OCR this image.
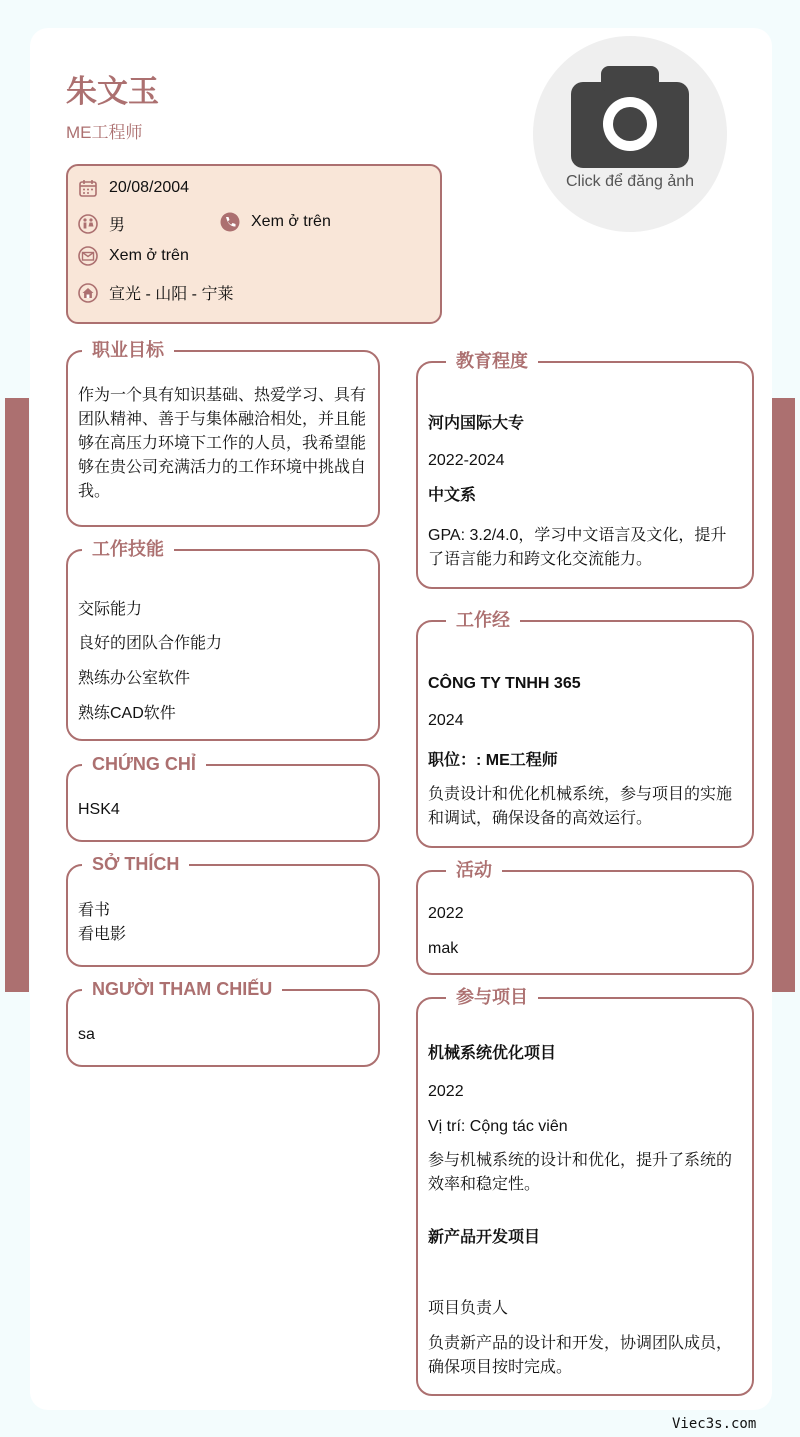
朱文玉
ME工程师
Click để đăng ảnh
20/08/2004
男	Xem ở trên
Xem ở trên
宣光 - 山阳 - 宁莱
职业目标
作为一个具有知识基础、热爱学习、具有团队精神、善于与集体融洽相处，并且能够在高压力环境下工作的人员，我希望能够在贵公司充满活力的工作环境中挑战自我。
工作技能
交际能力
良好的团队合作能力
熟练办公室软件
熟练CAD软件
CHỨNG CHỈ
HSK4
SỞ THÍCH
看书
看电影
NGƯỜI THAM CHIẾU
sa
教育程度
河内国际大专
2022-2024
中文系
GPA: 3.2/4.0，学习中文语言及文化，提升了语言能力和跨文化交流能力。
工作经
CÔNG TY TNHH 365
2024
职位：: ME工程师
负责设计和优化机械系统，参与项目的实施和调试，确保设备的高效运行。
活动
2022
mak
参与项目
机械系统优化项目
2022
Vị trí: Cộng tác viên
参与机械系统的设计和优化，提升了系统的效率和稳定性。
新产品开发项目
项目负责人
负责新产品的设计和开发，协调团队成员，确保项目按时完成。
Viec3s.com
